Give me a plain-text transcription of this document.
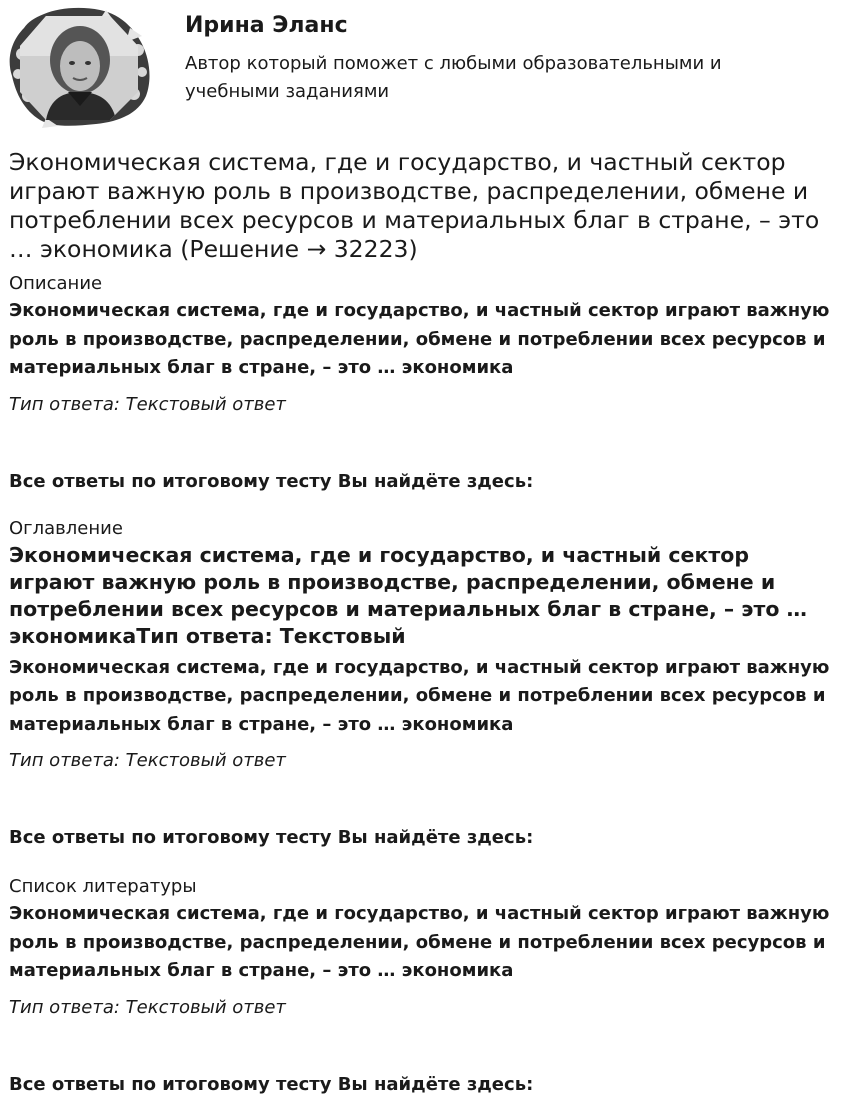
Ирина Эланс
Автор который поможет с любыми образовательными и учебными заданиями
Экономическая система, где и государство, и частный сектор играют важную роль в производстве, распределении, обмене и потреблении всех ресурсов и материальных благ в стране, – это … экономика (Решение → 32223)
Описание
Экономическая система, где и государство, и частный сектор играют важную роль в производстве, распределении, обмене и потреблении всех ресурсов и материальных благ в стране, – это … экономика
Тип ответа: Текстовый ответ
Все ответы по итоговому тесту Вы найдёте здесь:
Оглавление
Экономическая система, где и государство, и частный сектор играют важную роль в производстве, распределении, обмене и потреблении всех ресурсов и материальных благ в стране, – это … экономикаТип ответа: Текстовый
Экономическая система, где и государство, и частный сектор играют важную роль в производстве, распределении, обмене и потреблении всех ресурсов и материальных благ в стране, – это … экономика
Тип ответа: Текстовый ответ
Все ответы по итоговому тесту Вы найдёте здесь:
Список литературы
Экономическая система, где и государство, и частный сектор играют важную роль в производстве, распределении, обмене и потреблении всех ресурсов и материальных благ в стране, – это … экономика
Тип ответа: Текстовый ответ
Все ответы по итоговому тесту Вы найдёте здесь:
